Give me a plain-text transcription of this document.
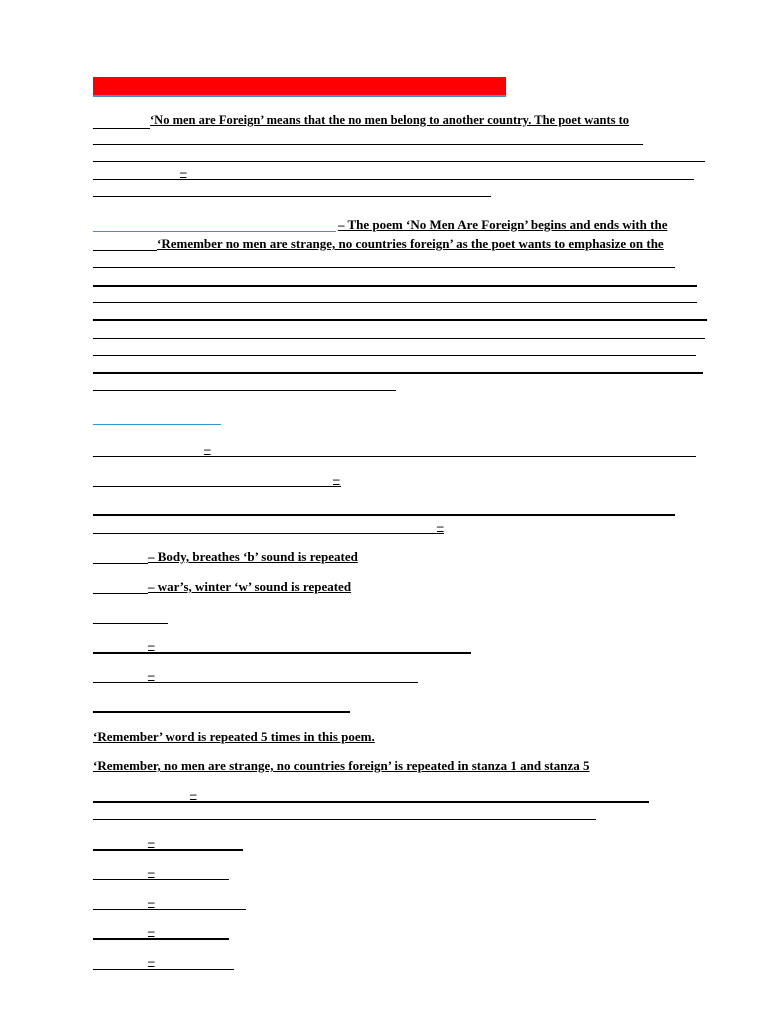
‘No men are Foreign’ means that the no men belong to another country. The poet wants to
–
– The poem ‘No Men Are Foreign’ begins and ends with the
‘Remember no men are strange, no countries foreign’ as the poet wants to emphasize on the
–
–
–
– Body, breathes ‘b’ sound is repeated
– war’s, winter ‘w’ sound is repeated
–
–
‘Remember’ word is repeated 5 times in this poem.
‘Remember, no men are strange, no countries foreign’ is repeated in stanza 1 and stanza 5
–
–
–
–
–
–
